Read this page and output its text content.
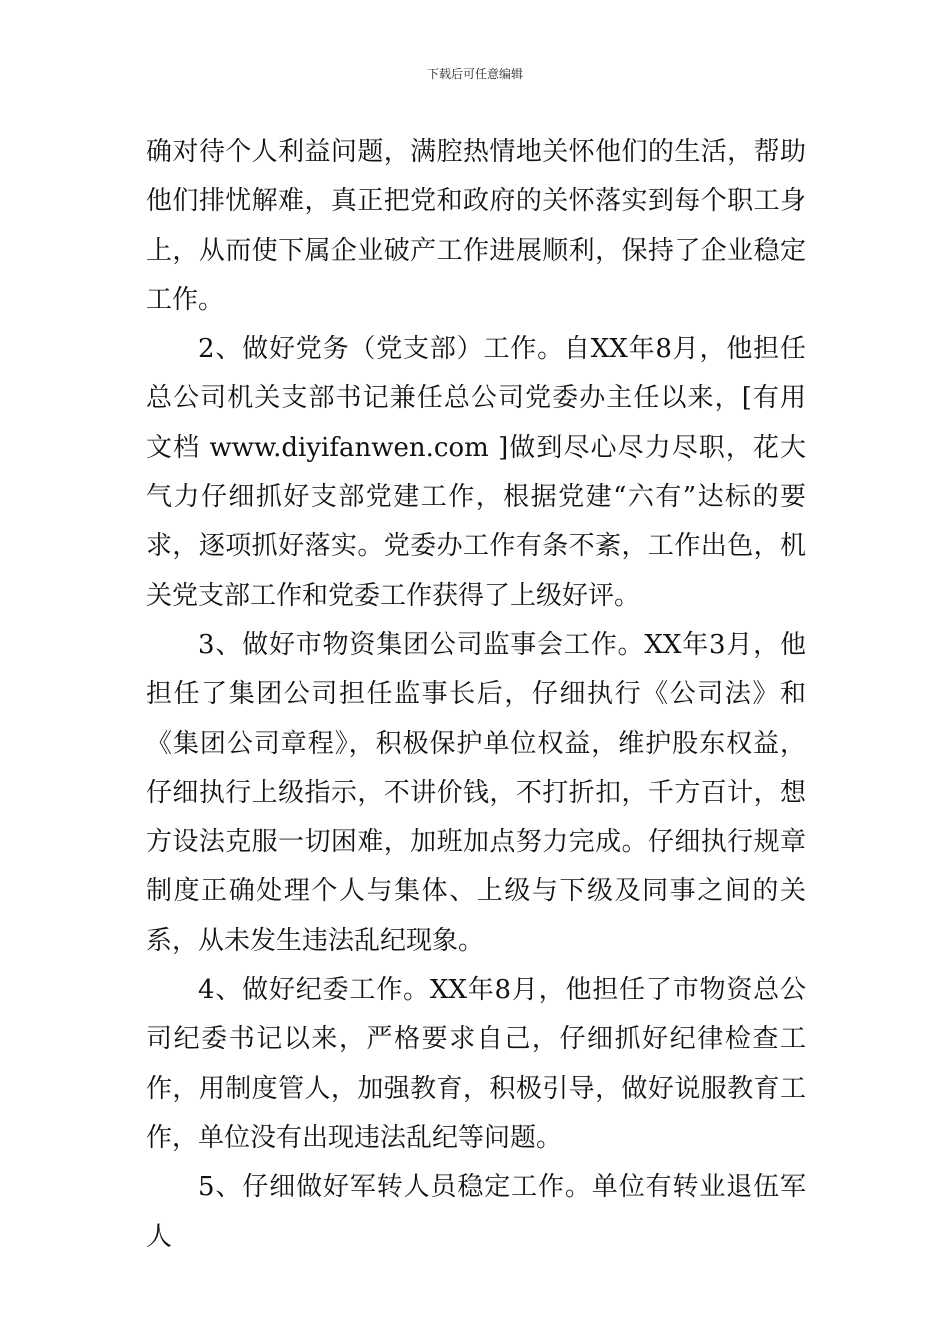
下载后可任意编辑

确对待个人利益问题，满腔热情地关怀他们的生活，帮助他们排忧解难，真正把党和政府的关怀落实到每个职工身上，从而使下属企业破产工作进展顺利，保持了企业稳定工作。

2、做好党务（党支部）工作。自XX年8月，他担任总公司机关支部书记兼任总公司党委办主任以来，[有用文档 www.diyifanwen.com ]做到尽心尽力尽职，花大气力仔细抓好支部党建工作，根据党建“六有”达标的要求，逐项抓好落实。党委办工作有条不紊，工作出色，机关党支部工作和党委工作获得了上级好评。

3、做好市物资集团公司监事会工作。XX年3月，他担任了集团公司担任监事长后，仔细执行《公司法》和《集团公司章程》，积极保护单位权益，维护股东权益，仔细执行上级指示，不讲价钱，不打折扣，千方百计，想方设法克服一切困难，加班加点努力完成。仔细执行规章制度正确处理个人与集体、上级与下级及同事之间的关系，从未发生违法乱纪现象。

4、做好纪委工作。XX年8月，他担任了市物资总公司纪委书记以来，严格要求自己，仔细抓好纪律检查工作，用制度管人，加强教育，积极引导，做好说服教育工作，单位没有出现违法乱纪等问题。

5、仔细做好军转人员稳定工作。单位有转业退伍军人
